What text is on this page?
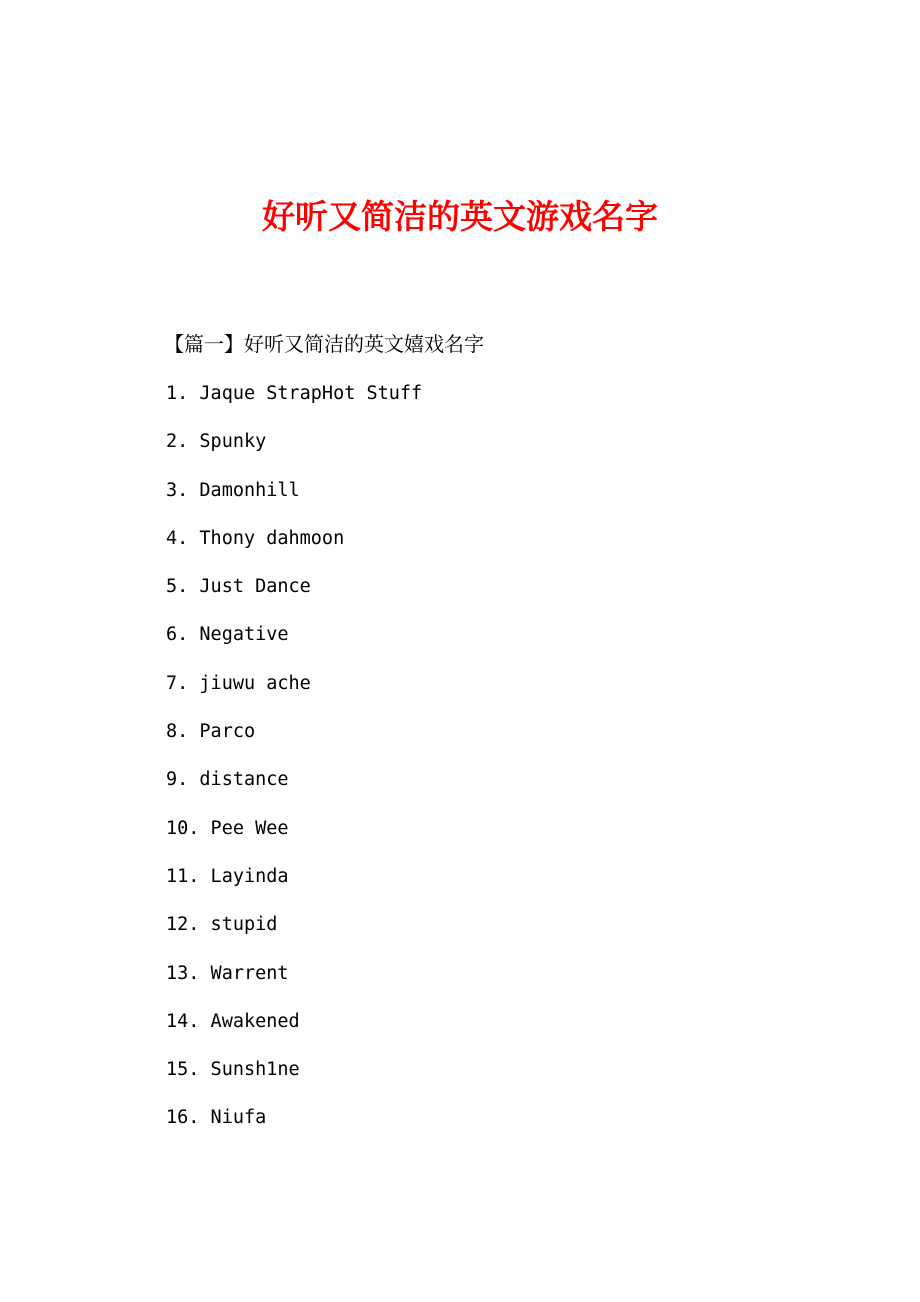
好听又简洁的英文游戏名字

【篇一】好听又简洁的英文嬉戏名字

1. Jaque StrapHot Stuff
2. Spunky
3. Damonhill
4. Thony dahmoon
5. Just Dance
6. Negative
7. jiuwu ache
8. Parco
9. distance
10. Pee Wee
11. Layinda
12. stupid
13. Warrent
14. Awakened
15. Sunsh1ne
16. Niufa
